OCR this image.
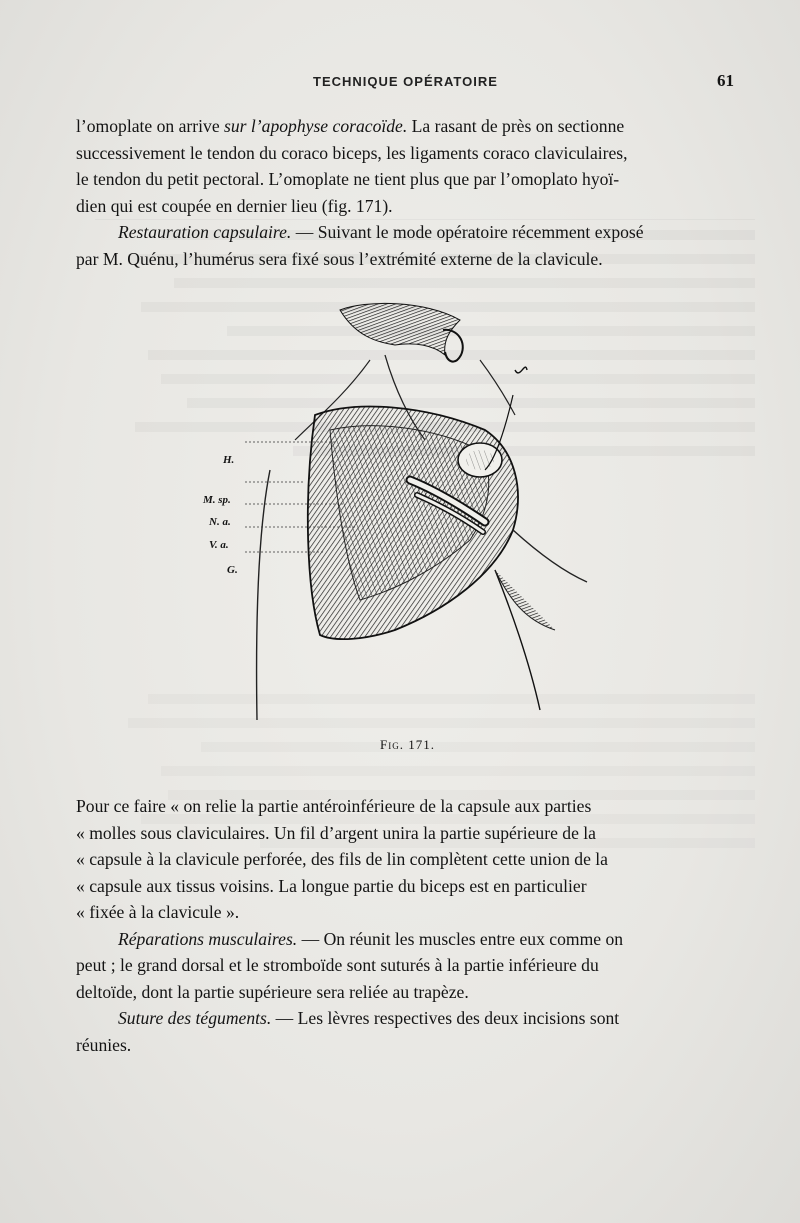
TECHNIQUE OPÉRATOIRE	61

l’omoplate on arrive sur l’apophyse coracoïde. La rasant de près on sectionne

successivement le tendon du coraco biceps, les ligaments coraco claviculaires,

le tendon du petit pectoral. L’omoplate ne tient plus que par l’omoplato hyoï-

dien qui est coupée en dernier lieu (fig. 171).

Restauration capsulaire. — Suivant le mode opératoire récemment exposé

par M. Quénu, l’humérus sera fixé sous l’extrémité externe de la clavicule.

H.
M. sp.
N. a.
V. a.
G.
Fig. 171.

Pour ce faire « on relie la partie antéroinférieure de la capsule aux parties

« molles sous claviculaires. Un fil d’argent unira la partie supérieure de la

« capsule à la clavicule perforée, des fils de lin complètent cette union de la

« capsule aux tissus voisins. La longue partie du biceps est en particulier

« fixée à la clavicule ».

Réparations musculaires. — On réunit les muscles entre eux comme on

peut ; le grand dorsal et le stromboïde sont suturés à la partie inférieure du

deltoïde, dont la partie supérieure sera reliée au trapèze.

Suture des téguments. — Les lèvres respectives des deux incisions sont

réunies.
